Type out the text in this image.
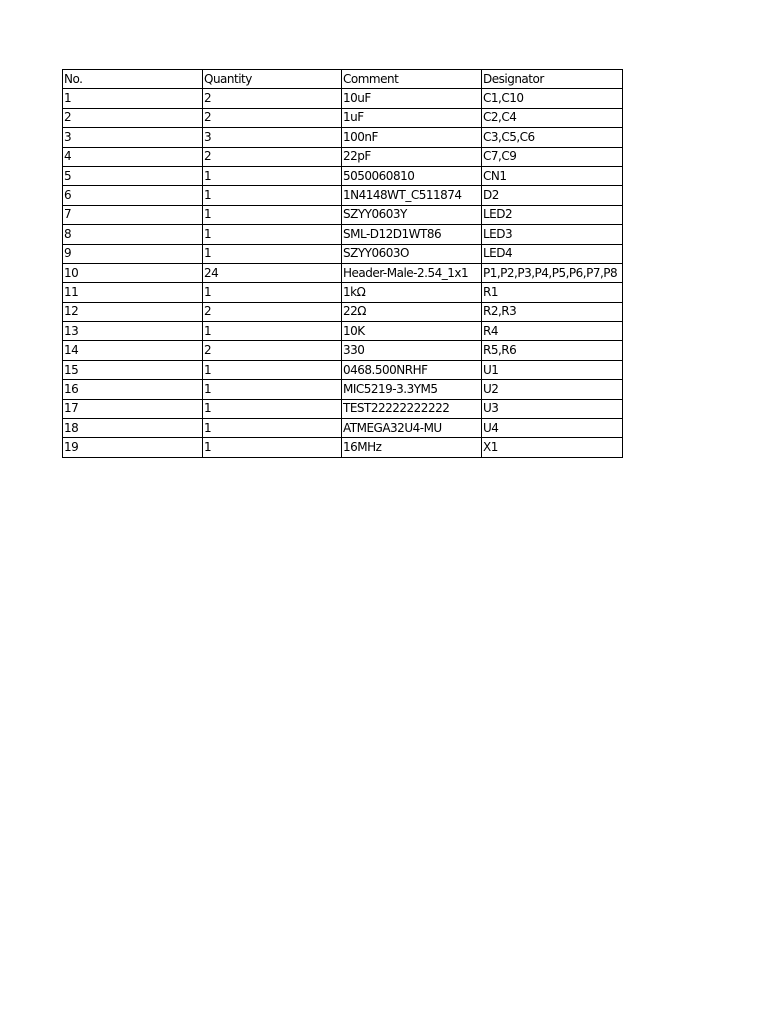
No.	Quantity	Comment	Designator
1	2	10uF	C1,C10
2	2	1uF	C2,C4
3	3	100nF	C3,C5,C6
4	2	22pF	C7,C9
5	1	5050060810	CN1
6	1	1N4148WT_C511874	D2
7	1	SZYY0603Y	LED2
8	1	SML-D12D1WT86	LED3
9	1	SZYY0603O	LED4
10	24	Header-Male-2.54_1x1	P1,P2,P3,P4,P5,P6,P7,P8
11	1	1kΩ	R1
12	2	22Ω	R2,R3
13	1	10K	R4
14	2	330	R5,R6
15	1	0468.500NRHF	U1
16	1	MIC5219-3.3YM5	U2
17	1	TEST22222222222	U3
18	1	ATMEGA32U4-MU	U4
19	1	16MHz	X1
